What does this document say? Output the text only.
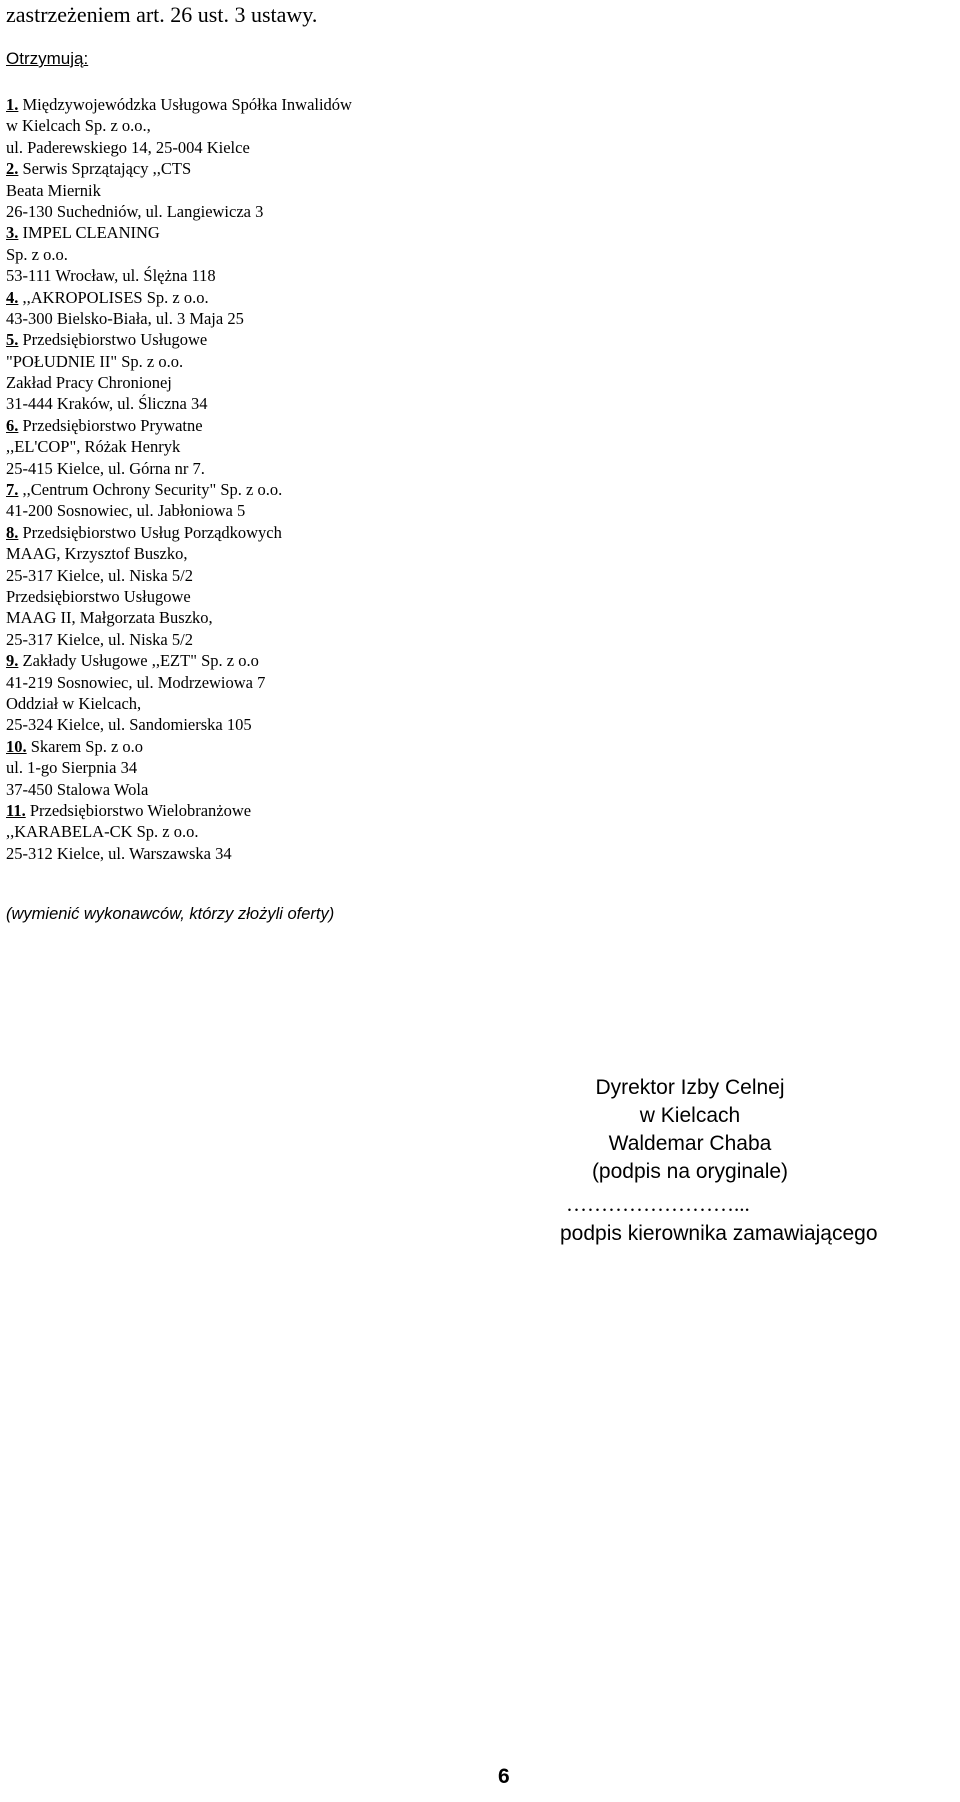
zastrzeżeniem art. 26 ust. 3 ustawy.
Otrzymują:
1. Międzywojewódzka Usługowa Spółka Inwalidów
w Kielcach Sp. z o.o.,
ul. Paderewskiego 14, 25-004 Kielce
2. Serwis Sprzątający ,,CTS
Beata Miernik
26-130 Suchedniów, ul. Langiewicza 3
3. IMPEL CLEANING
Sp. z o.o.
53-111 Wrocław, ul. Ślężna 118
4. ,,AKROPOLISES Sp. z o.o.
43-300 Bielsko-Biała, ul. 3 Maja 25
5. Przedsiębiorstwo Usługowe
"POŁUDNIE II" Sp. z o.o.
Zakład Pracy Chronionej
31-444 Kraków, ul. Śliczna 34
6. Przedsiębiorstwo Prywatne
,,EL'COP", Różak Henryk
25-415 Kielce, ul. Górna nr 7.
7. ,,Centrum Ochrony Security" Sp. z o.o.
41-200 Sosnowiec, ul. Jabłoniowa 5
8. Przedsiębiorstwo Usług Porządkowych
MAAG, Krzysztof Buszko,
25-317 Kielce, ul. Niska 5/2
Przedsiębiorstwo Usługowe
MAAG II, Małgorzata Buszko,
25-317 Kielce, ul. Niska 5/2
9. Zakłady Usługowe ,,EZT" Sp. z o.o
41-219 Sosnowiec, ul. Modrzewiowa 7
Oddział w Kielcach,
25-324 Kielce, ul. Sandomierska 105
10. Skarem Sp. z o.o
ul. 1-go Sierpnia 34
37-450 Stalowa Wola
11. Przedsiębiorstwo Wielobranżowe
,,KARABELA-CK Sp. z o.o.
25-312 Kielce, ul. Warszawska 34
(wymienić wykonawców, którzy złożyli oferty)
Dyrektor Izby Celnej
w Kielcach
Waldemar Chaba
(podpis na oryginale)
……………………...
podpis kierownika zamawiającego
6
